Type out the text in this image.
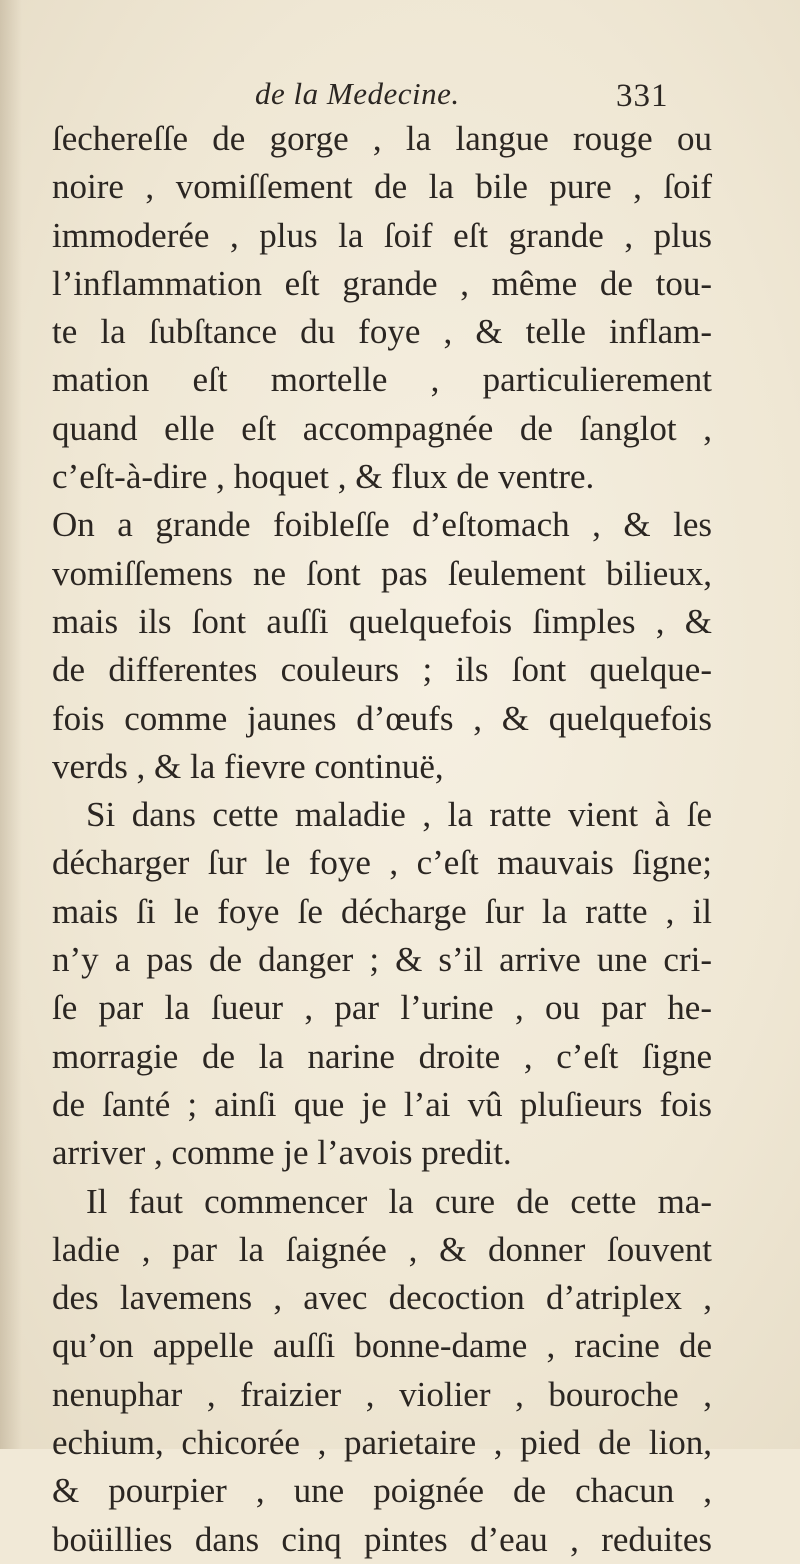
de la Medecine.	331
ſechereſſe de gorge , la langue rouge ou
noire , vomiſſement de la bile pure , ſoif
immoderée , plus la ſoif eſt grande , plus
l’inflammation eſt grande , même de tou-
te la ſubſtance du foye , & telle inflam-
mation eſt mortelle , particulierement
quand elle eſt accompagnée de ſanglot ,
c’eſt-à-dire , hoquet , & flux de ventre.
On a grande foibleſſe d’eſtomach , & les
vomiſſemens ne ſont pas ſeulement bilieux,
mais ils ſont auſſi quelquefois ſimples , &
de differentes couleurs ; ils ſont quelque-
fois comme jaunes d’œufs , & quelquefois
verds , & la fievre continuë,
Si dans cette maladie , la ratte vient à ſe
décharger ſur le foye , c’eſt mauvais ſigne;
mais ſi le foye ſe décharge ſur la ratte , il
n’y a pas de danger ; & s’il arrive une cri-
ſe par la ſueur , par l’urine , ou par he-
morragie de la narine droite , c’eſt ſigne
de ſanté ; ainſi que je l’ai vû pluſieurs fois
arriver , comme je l’avois predit.
Il faut commencer la cure de cette ma-
ladie , par la ſaignée , & donner ſouvent
des lavemens , avec decoction d’atriplex ,
qu’on appelle auſſi bonne-dame , racine de
nenuphar , fraizier , violier , bouroche ,
echium, chicorée , parietaire , pied de lion,
& pourpier , une poignée de chacun ,
boüillies dans cinq pintes d’eau , reduites
